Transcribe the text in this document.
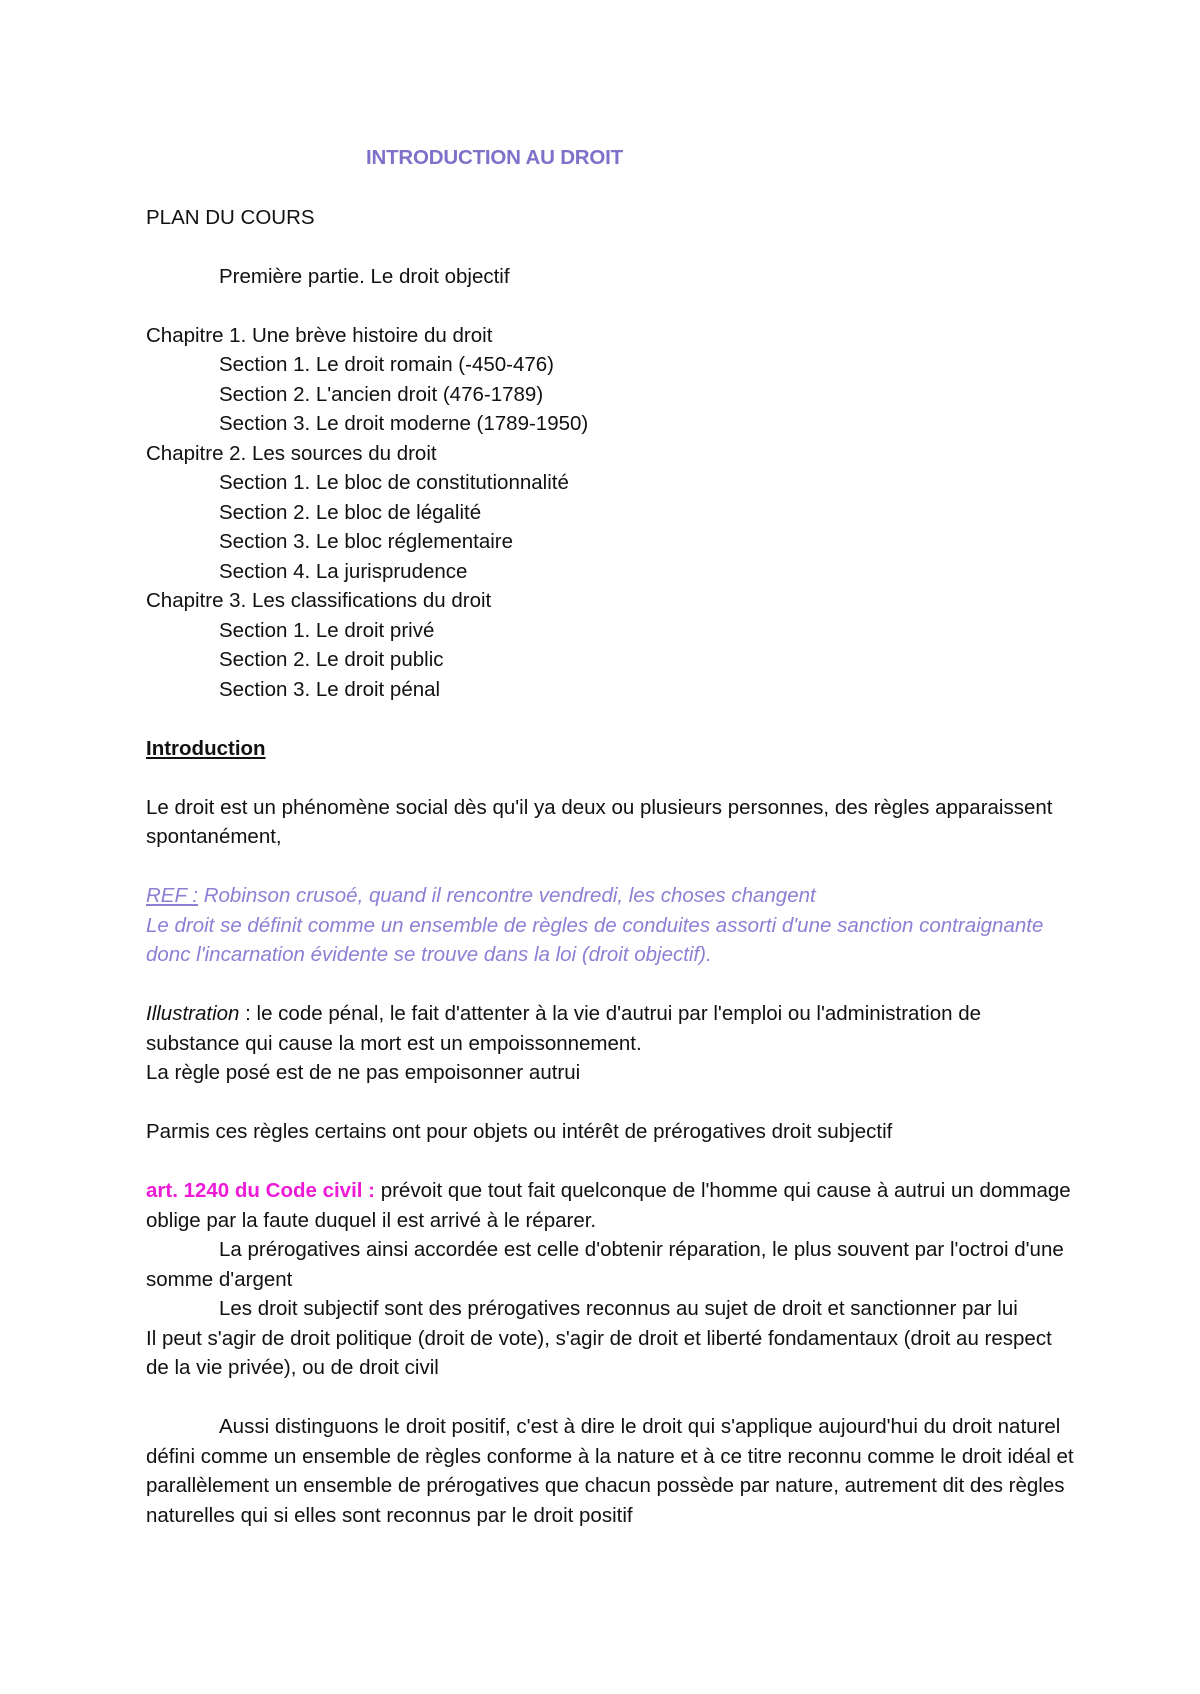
INTRODUCTION AU DROIT
PLAN DU COURS
Première partie. Le droit objectif
Chapitre 1. Une brève histoire du droit
Section 1. Le droit romain (-450-476)
Section 2. L'ancien droit (476-1789)
Section 3. Le droit moderne (1789-1950)
Chapitre 2. Les sources du droit
Section 1. Le bloc de constitutionnalité
Section 2. Le bloc de légalité
Section 3. Le bloc réglementaire
Section 4. La jurisprudence
Chapitre 3. Les classifications du droit
Section 1. Le droit privé
Section 2. Le droit public
Section 3. Le droit pénal
Introduction

Le droit est un phénomène social dès qu'il ya deux ou plusieurs personnes, des règles apparaissent spontanément,

REF : Robinson crusoé, quand il rencontre vendredi, les choses changent

Le droit se définit comme un ensemble de règles de conduites assorti d'une sanction contraignante donc l'incarnation évidente se trouve dans la loi (droit objectif).

Illustration : le code pénal, le fait d'attenter à la vie d'autrui par l'emploi ou l'administration de substance qui cause la mort est un empoissonnement.

La règle posé est de ne pas empoisonner autrui

Parmis ces règles certains ont pour objets ou intérêt de prérogatives droit subjectif

art. 1240 du Code civil : prévoit que tout fait quelconque de l'homme qui cause à autrui un dommage oblige par la faute duquel il est arrivé à le réparer.

La prérogatives ainsi accordée est celle d'obtenir réparation, le plus souvent par l'octroi d'une somme d'argent

Les droit subjectif sont des prérogatives reconnus au sujet de droit et sanctionner par lui

Il peut s'agir de droit politique (droit de vote), s'agir de droit et liberté fondamentaux (droit au respect de la vie privée), ou de droit civil

Aussi distinguons le droit positif, c'est à dire le droit qui s'applique aujourd'hui du droit naturel défini comme un ensemble de règles conforme à la nature et à ce titre reconnu comme le droit idéal et parallèlement un ensemble de prérogatives que chacun possède par nature, autrement dit des règles naturelles qui si elles sont reconnus par le droit positif
